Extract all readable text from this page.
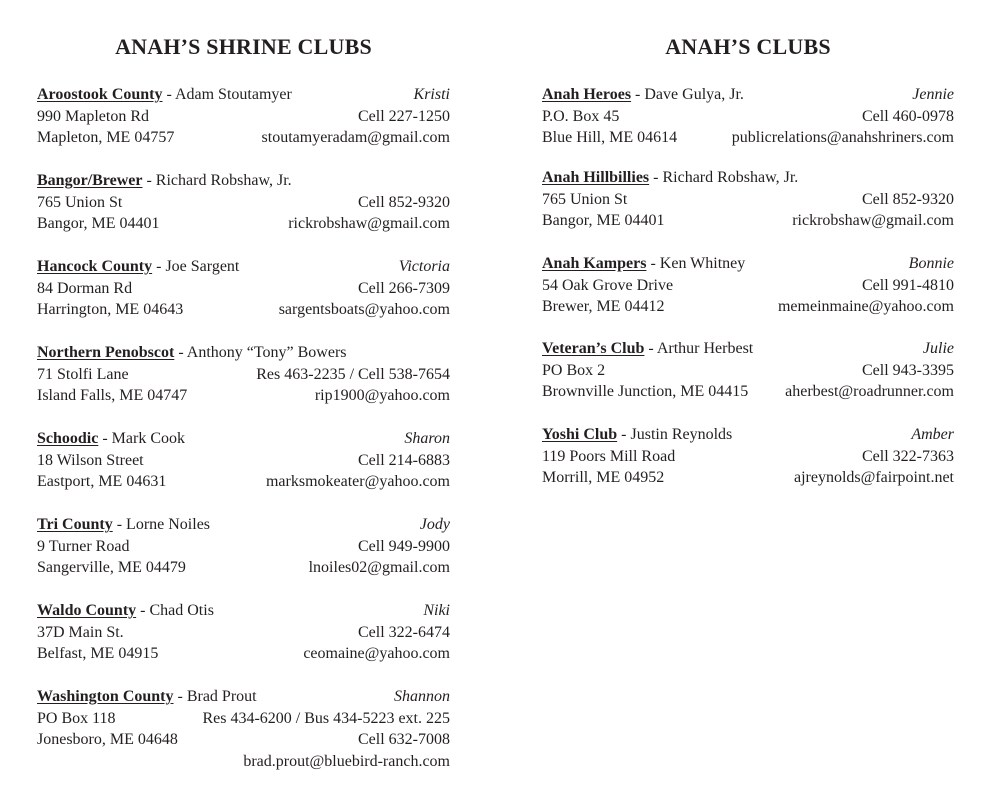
ANAH’S SHRINE CLUBS
Aroostook County - Adam Stoutamyer	Kristi
990 Mapleton Rd	Cell 227-1250
Mapleton, ME 04757	stoutamyeradam@gmail.com
Bangor/Brewer - Richard Robshaw, Jr.
765 Union St	Cell 852-9320
Bangor, ME 04401	rickrobshaw@gmail.com
Hancock County - Joe Sargent	Victoria
84 Dorman Rd	Cell 266-7309
Harrington, ME 04643	sargentsboats@yahoo.com
Northern Penobscot - Anthony “Tony” Bowers
71 Stolfi Lane	Res 463-2235 / Cell 538-7654
Island Falls, ME 04747	rip1900@yahoo.com
Schoodic - Mark Cook	Sharon
18 Wilson Street	Cell 214-6883
Eastport, ME 04631	marksmokeater@yahoo.com
Tri County - Lorne Noiles	Jody
9 Turner Road	Cell 949-9900
Sangerville, ME 04479	lnoiles02@gmail.com
Waldo County - Chad Otis	Niki
37D Main St.	Cell 322-6474
Belfast, ME 04915	ceomaine@yahoo.com
Washington County - Brad Prout	Shannon
PO Box 118	Res 434-6200 / Bus 434-5223 ext. 225
Jonesboro, ME 04648	Cell 632-7008
brad.prout@bluebird-ranch.com
ANAH’S CLUBS
Anah Heroes - Dave Gulya, Jr.	Jennie
P.O. Box 45	Cell 460-0978
Blue Hill, ME 04614	publicrelations@anahshriners.com
Anah Hillbillies - Richard Robshaw, Jr.
765 Union St	Cell 852-9320
Bangor, ME 04401	rickrobshaw@gmail.com
Anah Kampers - Ken Whitney	Bonnie
54 Oak Grove Drive	Cell 991-4810
Brewer, ME 04412	memeinmaine@yahoo.com
Veteran’s Club - Arthur Herbest	Julie
PO Box 2	Cell 943-3395
Brownville Junction, ME 04415 aherbest@roadrunner.com
Yoshi Club - Justin Reynolds	Amber
119 Poors Mill Road	Cell 322-7363
Morrill, ME 04952	ajreynolds@fairpoint.net
